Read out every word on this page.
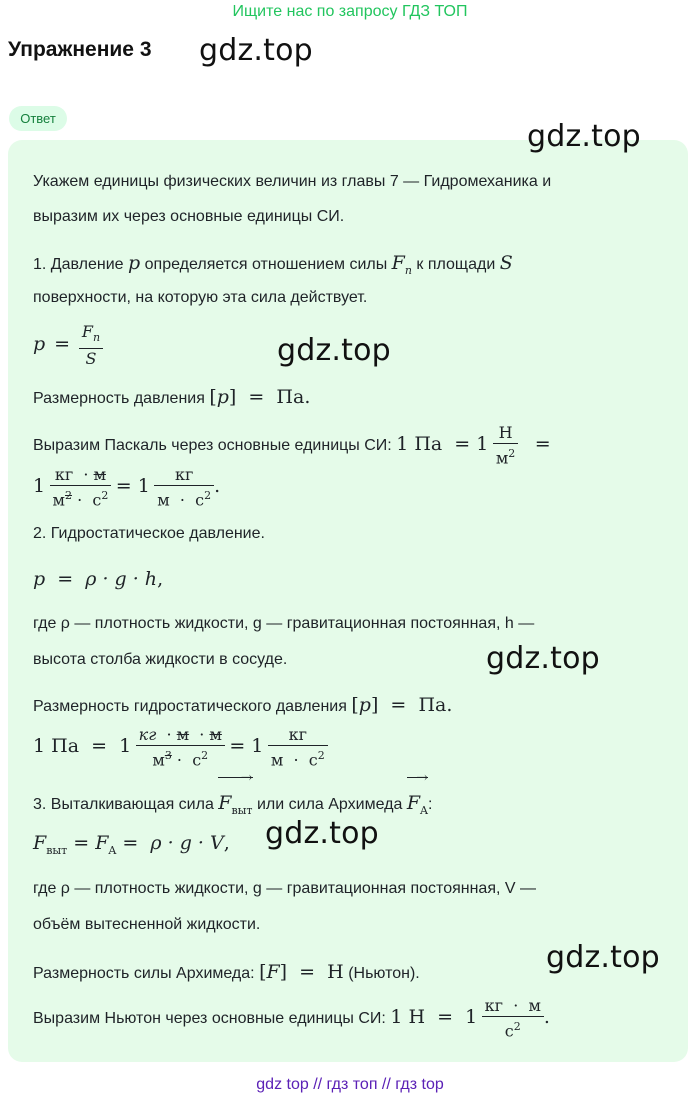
Ищите нас по запросу ГДЗ ТОП
Упражнение 3 gdz.top
Ответ
gdz.top
Укажем единицы физических величин из главы 7 — Гидромеханика и
выразим их через основные единицы СИ.
1. Давление p определяется отношением силы $F_n$ к площади S
поверхности, на которую эта сила действует.
$p = \frac{F_n}{S}$	gdz.top
Размерность давления [p]  =  Па.
Выразим Паскаль через основные единицы СИ: 1 Па  = $1 \frac{Н}{м^2}$ =
$1 \frac{кг \cdot м}{м^2 \cdot с^2} = 1 \frac{кг}{м \cdot с^2}$ .
2. Гидростатическое давление.
p  =  ρ · g · h,
где ρ — плотность жидкости, g — гравитационная постоянная, h —
высота столба жидкости в сосуде.	gdz.top
Размерность гидростатического давления [p]  =  Па.
1 Па  =  $1 \frac{кг \cdot м \cdot м}{м^3 \cdot с^2} = 1 \frac{кг}{м \cdot с^2}$
3. Выталкивающая сила → $F_{выт}$ или сила Архимеда → $F_A$:
$F_{выт} = F_A = \rho \cdot g \cdot V$, gdz.top
где ρ — плотность жидкости, g — гравитационная постоянная, V —
объём вытесненной жидкости.
gdz.top
Размерность силы Архимеда: [F]  =  Н (Ньютон).
Выразим Ньютон через основные единицы СИ: 1 $Н = 1 \frac{кг \cdot м}{с^2}$ .
gdz top // гдз топ // гдз top
